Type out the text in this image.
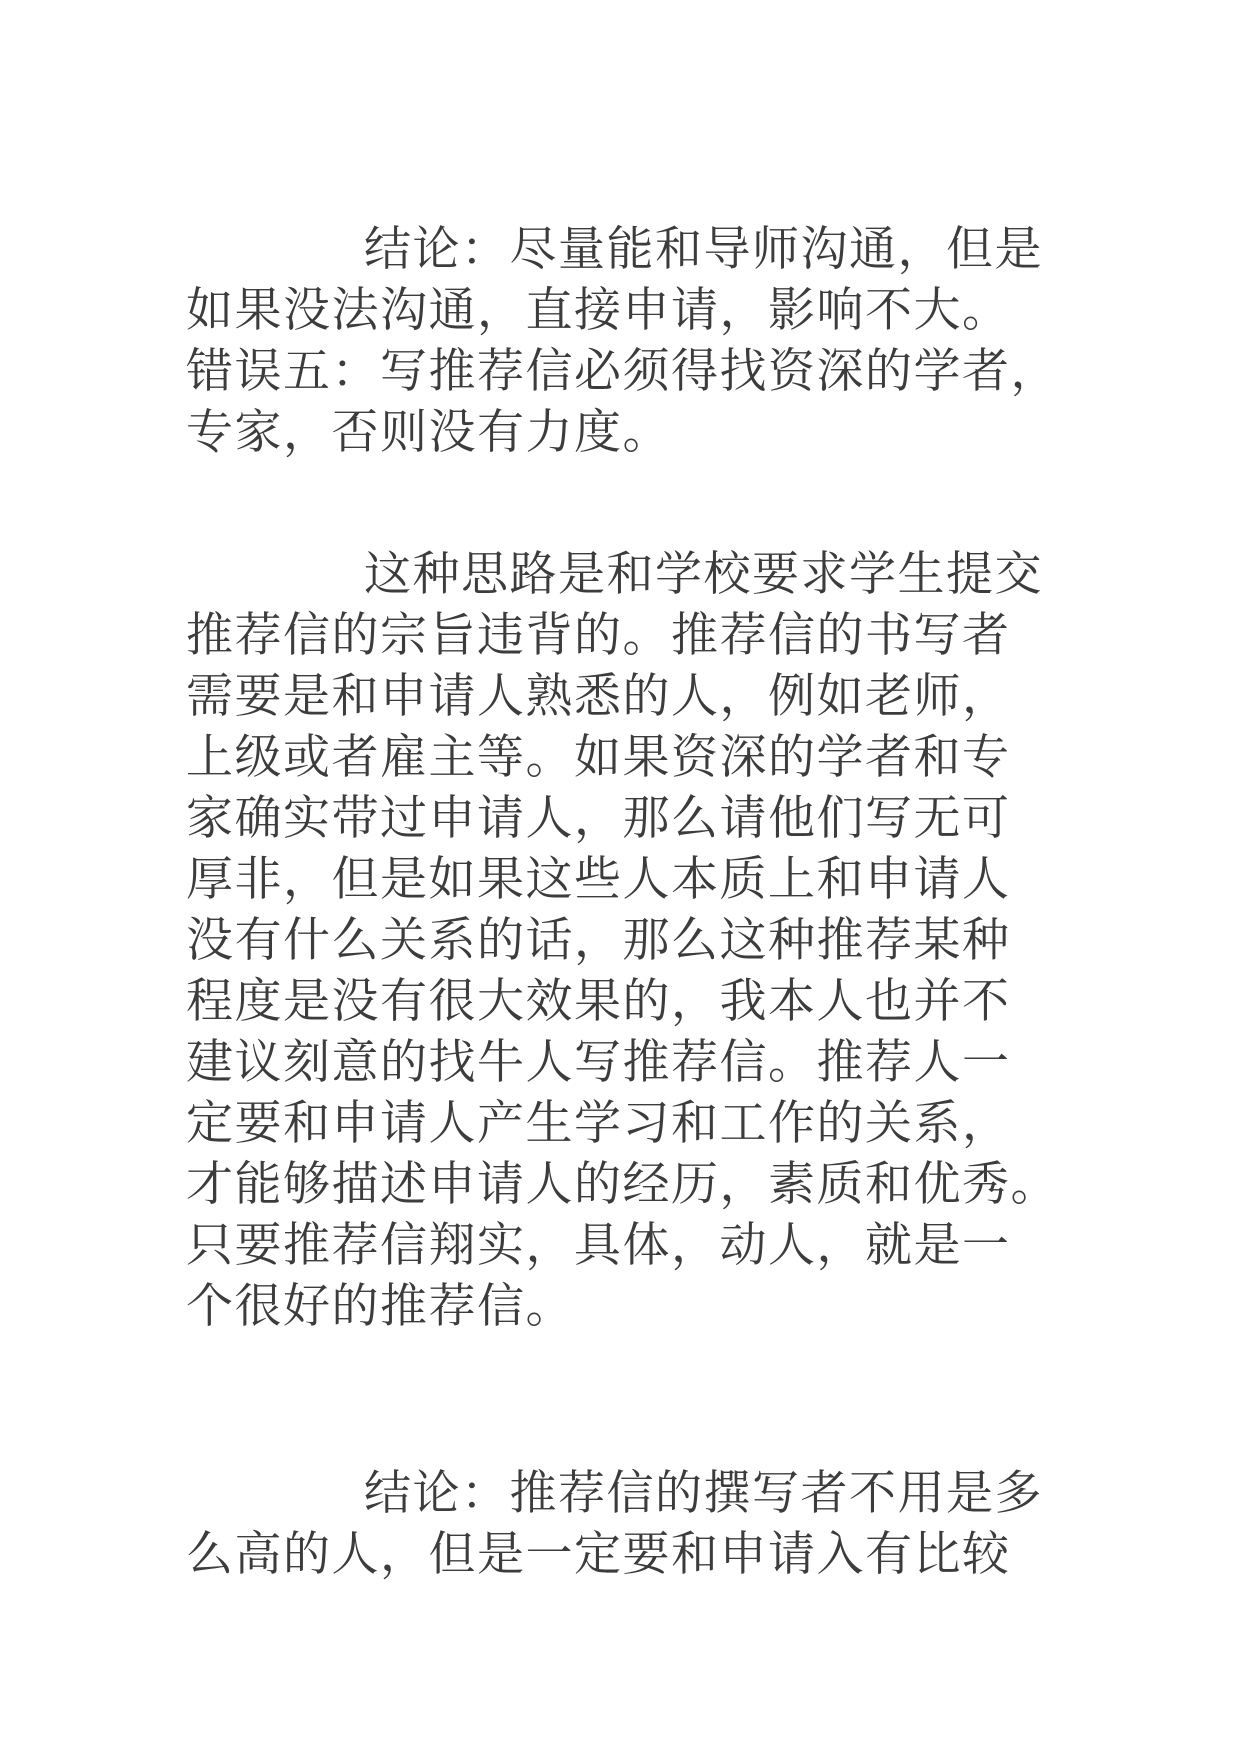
结论：尽量能和导师沟通，但是
如果没法沟通，直接申请，影响不大。
错误五：写推荐信必须得找资深的学者，
专家，否则没有力度。
这种思路是和学校要求学生提交
推荐信的宗旨违背的。推荐信的书写者
需要是和申请人熟悉的人，例如老师，
上级或者雇主等。如果资深的学者和专
家确实带过申请人，那么请他们写无可
厚非，但是如果这些人本质上和申请人
没有什么关系的话，那么这种推荐某种
程度是没有很大效果的，我本人也并不
建议刻意的找牛人写推荐信。推荐人一
定要和申请人产生学习和工作的关系，
才能够描述申请人的经历，素质和优秀。
只要推荐信翔实，具体，动人，就是一
个很好的推荐信。
结论：推荐信的撰写者不用是多
么高的人，但是一定要和申请入有比较
